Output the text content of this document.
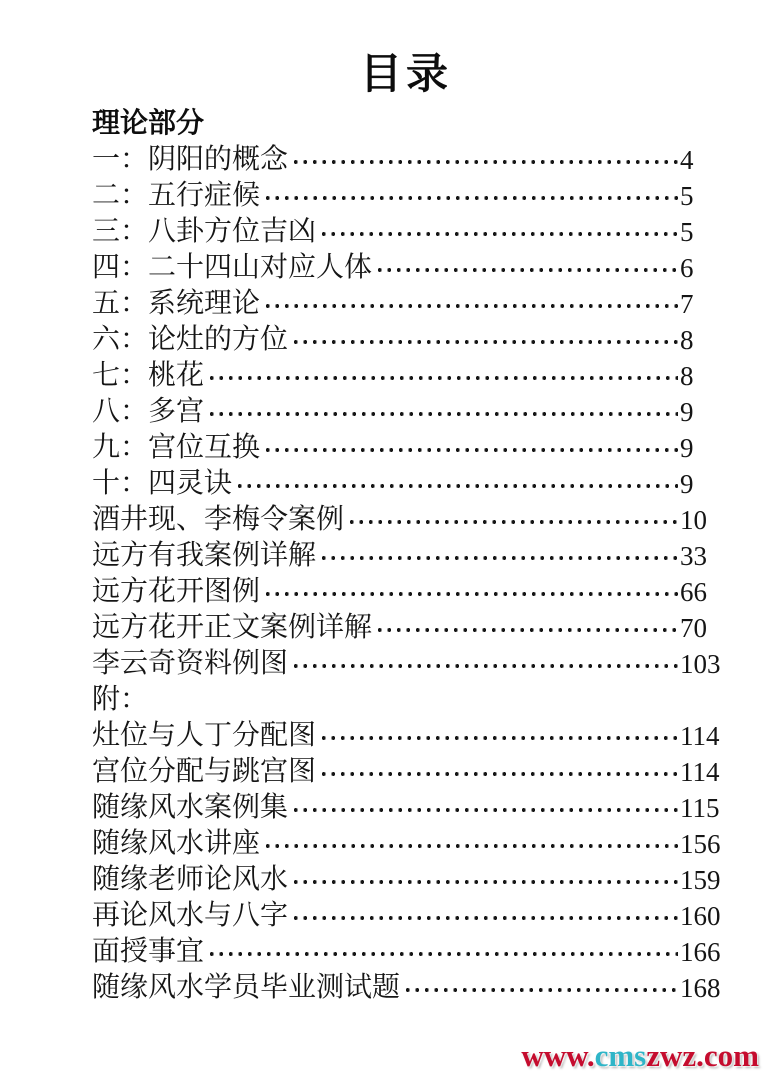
目录
理论部分
一：阴阳的概念	4
二：五行症候	5
三：八卦方位吉凶	5
四：二十四山对应人体	6
五：系统理论	7
六：论灶的方位	8
七：桃花	8
八：多宫	9
九：宫位互换	9
十：四灵诀	9
酒井现、李梅令案例	10
远方有我案例详解	33
远方花开图例	66
远方花开正文案例详解	70
李云奇资料例图	103
附：
灶位与人丁分配图	114
宫位分配与跳宫图	114
随缘风水案例集	115
随缘风水讲座	156
随缘老师论风水	159
再论风水与八字	160
面授事宜	166
随缘风水学员毕业测试题	168
www.cmszwz.com
